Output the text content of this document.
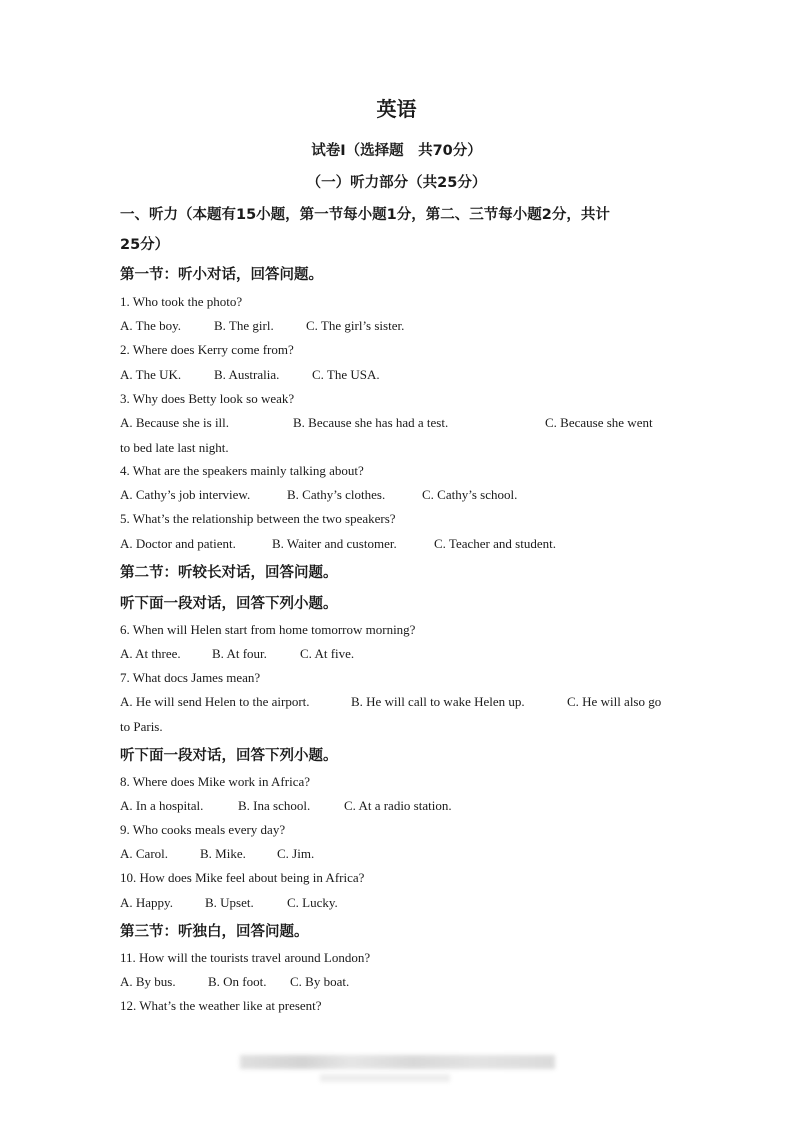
英语
试卷Ⅰ（选择题　共70分）
（一）听力部分（共25分）
一、听力（本题有15小题，第一节每小题1分，第二、三节每小题2分，共计
25分）
第一节：听小对话，回答问题。
1. Who took the photo?
A. The boy.	B. The girl. C. The girl’s sister.
2. Where does Kerry come from?
A. The UK.	B. Australia.	C. The USA.
3. Why does Betty look so weak?
A. Because she is ill.	B. Because she has had a test.	C. Because she went
to bed late last night.
4. What are the speakers mainly talking about?
A. Cathy’s job interview.	B. Cathy’s clothes.	C. Cathy’s school.
5. What’s the relationship between the two speakers?
A. Doctor and patient.	B. Waiter and customer.	C. Teacher and student.
第二节：听较长对话，回答问题。
听下面一段对话，回答下列小题。
6. When will Helen start from home tomorrow morning?
A. At three. B. At four.	C. At five.
7. What docs James mean?
A. He will send Helen to the airport.	B. He will call to wake Helen up.	C. He will also go
to Paris.
听下面一段对话，回答下列小题。
8. Where does Mike work in Africa?
A. In a hospital.	B. Ina school.	C. At a radio station.
9. Who cooks meals every day?
A. Carol. B. Mike. C. Jim.
10. How does Mike feel about being in Africa?
A. Happy. B. Upset.	C. Lucky.
第三节：听独白，回答问题。
11. How will the tourists travel around London?
A. By bus. B. On foot. C. By boat.
12. What’s the weather like at present?
